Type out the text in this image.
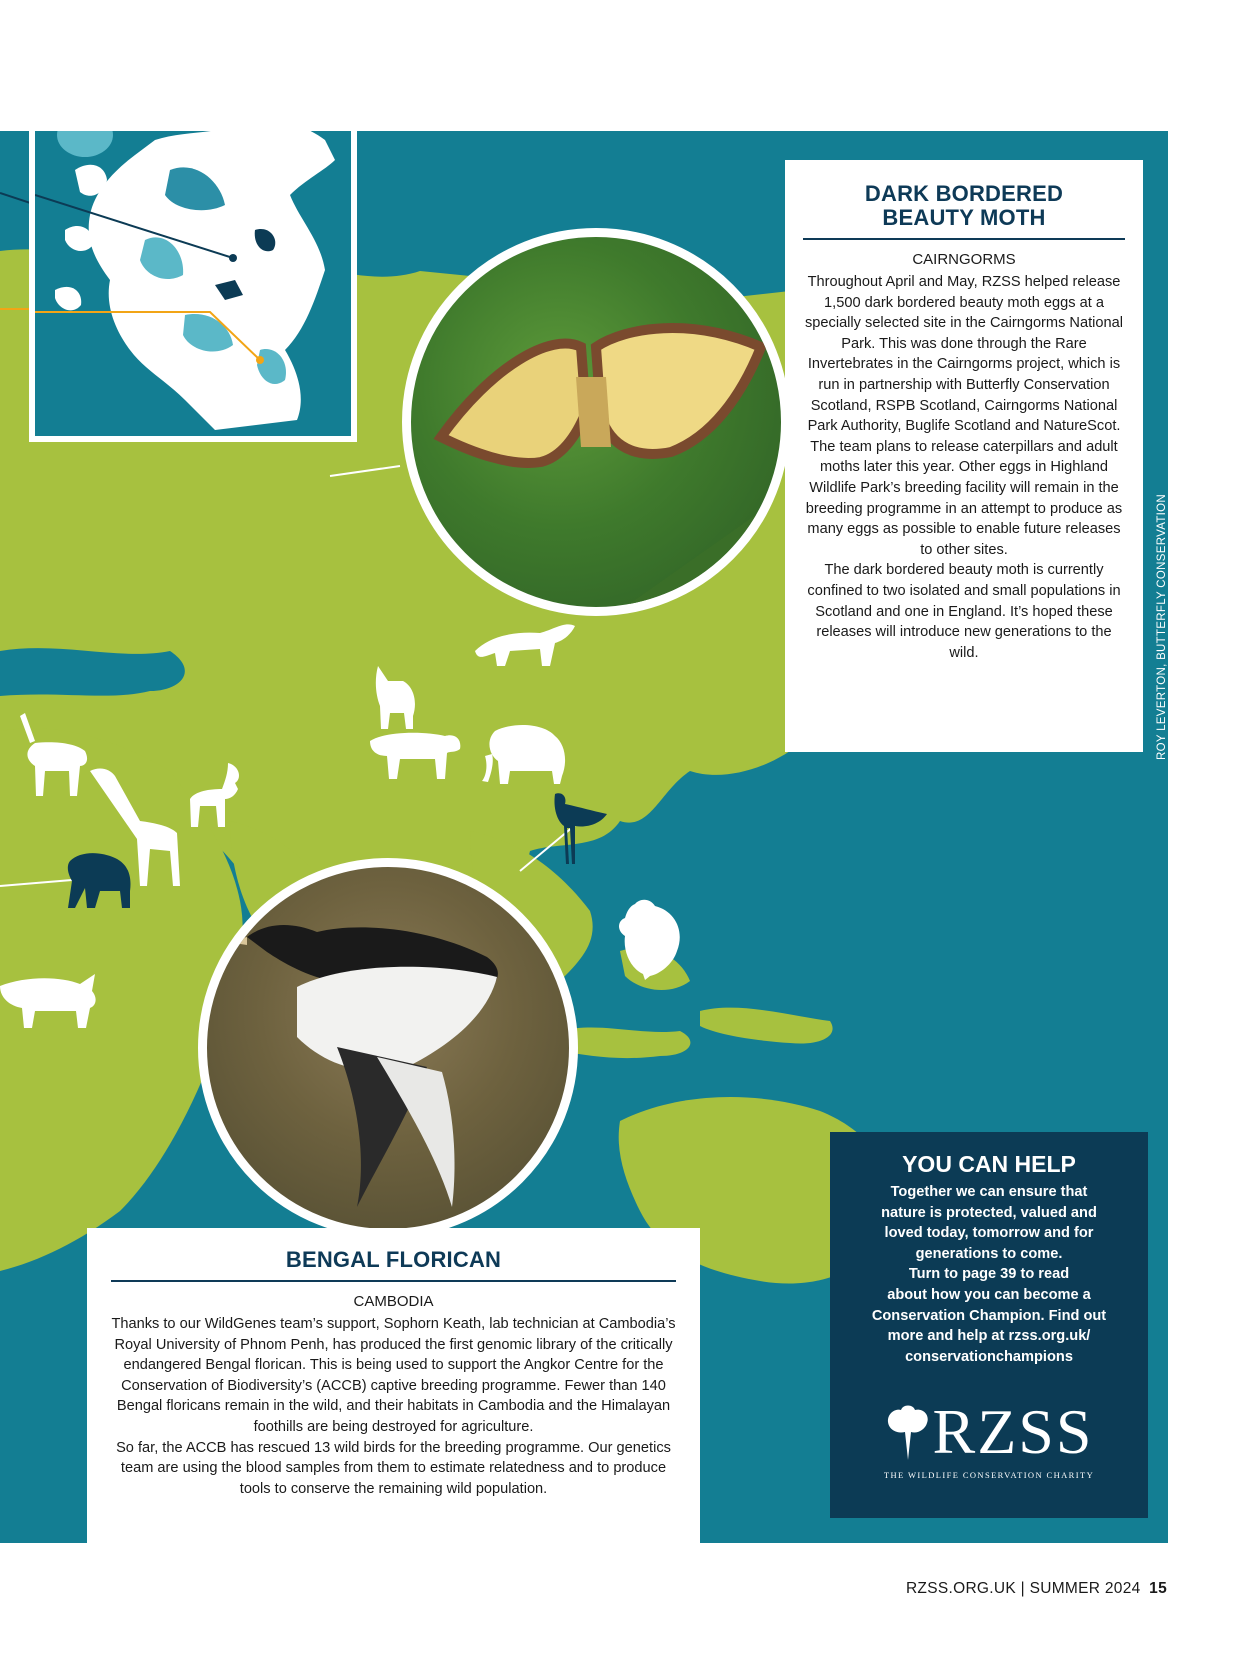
DARK BORDERED
BEAUTY MOTH
CAIRNGORMS

Throughout April and May, RZSS helped release 1,500 dark bordered beauty moth eggs at a specially selected site in the Cairngorms National Park. This was done through the Rare Invertebrates in the Cairngorms project, which is run in partnership with Butterfly Conservation Scotland, RSPB Scotland, Cairngorms National Park Authority, Buglife Scotland and NatureScot.

The team plans to release caterpillars and adult moths later this year. Other eggs in Highland Wildlife Park’s breeding facility will remain in the breeding programme in an attempt to produce as many eggs as possible to enable future releases to other sites.

The dark bordered beauty moth is currently confined to two isolated and small populations in Scotland and one in England. It’s hoped these releases will introduce new generations to the wild.	ROY LEVERTON, BUTTERFLY CONSERVATION
BENGAL FLORICAN
CAMBODIA

Thanks to our WildGenes team’s support, Sophorn Keath, lab technician at Cambodia’s Royal University of Phnom Penh, has produced the first genomic library of the critically endangered Bengal florican. This is being used to support the Angkor Centre for the Conservation of Biodiversity’s (ACCB) captive breeding programme. Fewer than 140 Bengal floricans remain in the wild, and their habitats in Cambodia and the Himalayan foothills are being destroyed for agriculture.

So far, the ACCB has rescued 13 wild birds for the breeding programme. Our genetics team are using the blood samples from them to estimate relatedness and to produce tools to conserve the remaining wild population.

YOU CAN HELP

Together we can ensure that
nature is protected, valued and
loved today, tomorrow and for
generations to come.
Turn to page 39 to read
about how you can become a
Conservation Champion. Find out
more and help at rzss.org.uk/
conservationchampions

RZSS
THE WILDLIFE CONSERVATION CHARITY
RZSS.ORG.UK | SUMMER 2024 15
